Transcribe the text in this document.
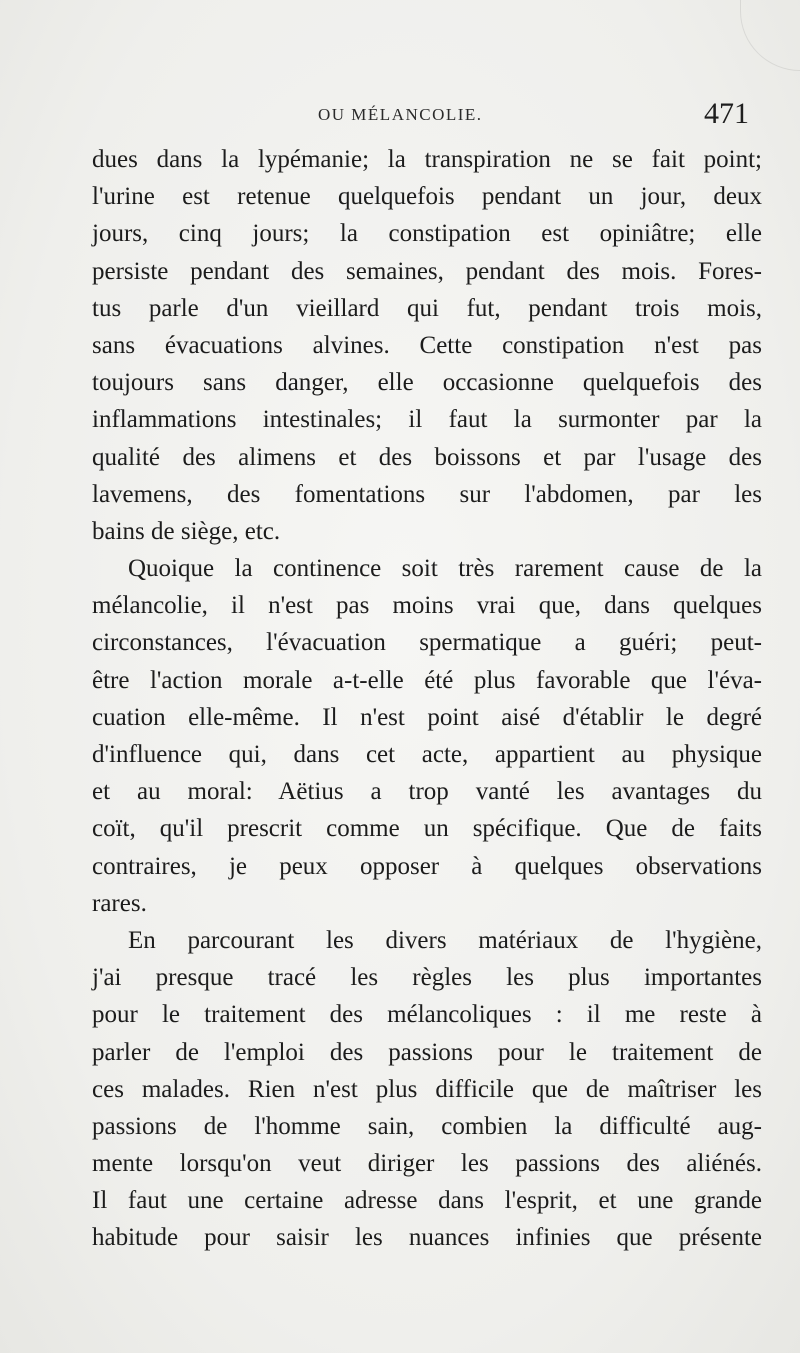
OU MÉLANCOLIE.	471
dues dans la lypémanie; la transpiration ne se fait point;
l'urine est retenue quelquefois pendant un jour, deux
jours, cinq jours; la constipation est opiniâtre; elle
persiste pendant des semaines, pendant des mois. Fores-
tus parle d'un vieillard qui fut, pendant trois mois,
sans évacuations alvines. Cette constipation n'est pas
toujours sans danger, elle occasionne quelquefois des
inflammations intestinales; il faut la surmonter par la
qualité des alimens et des boissons et par l'usage des
lavemens, des fomentations sur l'abdomen, par les
bains de siège, etc.
Quoique la continence soit très rarement cause de la
mélancolie, il n'est pas moins vrai que, dans quelques
circonstances, l'évacuation spermatique a guéri; peut-
être l'action morale a-t-elle été plus favorable que l'éva-
cuation elle-même. Il n'est point aisé d'établir le degré
d'influence qui, dans cet acte, appartient au physique
et au moral: Aëtius a trop vanté les avantages du
coït, qu'il prescrit comme un spécifique. Que de faits
contraires, je peux opposer à quelques observations
rares.
En parcourant les divers matériaux de l'hygiène,
j'ai presque tracé les règles les plus importantes
pour le traitement des mélancoliques : il me reste à
parler de l'emploi des passions pour le traitement de
ces malades. Rien n'est plus difficile que de maîtriser les
passions de l'homme sain, combien la difficulté aug-
mente lorsqu'on veut diriger les passions des aliénés.
Il faut une certaine adresse dans l'esprit, et une grande
habitude pour saisir les nuances infinies que présente
